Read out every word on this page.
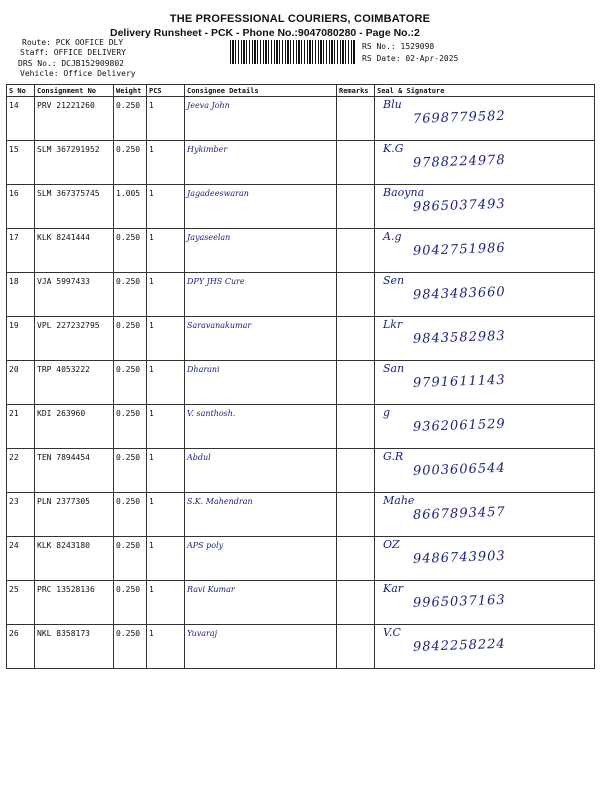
THE PROFESSIONAL COURIERS, COIMBATORE
Delivery Runsheet - PCK - Phone No.:9047080280 - Page No.:2
Route: PCK OOFICE DLY
Staff: OFFICE DELIVERY
DRS No.: DCJB152909802
Vehicle: Office Delivery
RS No.: 1529098
RS Date: 02-Apr-2025
S No	Consignment No	Weight	PCS	Consignee Details	Remarks	Seal & Signature
14	PRV 21221260	0.250	1	Jeeva John		Blu
7698779582

15	SLM 367291952	0.250	1	Hykimber		K.G
9788224978

16	SLM 367375745	1.005	1	Jagadeeswaran		Baoyna
9865037493

17	KLK 8241444	0.250	1	Jayaseelan		A.g
9042751986

18	VJA 5997433	0.250	1	DPY JHS Cure		Sen
9843483660

19	VPL 227232795	0.250	1	Saravanakumar		Lkr
9843582983

20	TRP 4053222	0.250	1	Dharani		San
9791611143

21	KDI 263960	0.250	1	V. santhosh.		g
9362061529

22	TEN 7894454	0.250	1	Abdul		G.R
9003606544

23	PLN 2377305	0.250	1	S.K. Mahendran		Mahe
8667893457

24	KLK 8243180	0.250	1	APS poly		OZ
9486743903

25	PRC 13528136	0.250	1	Ravi Kumar		Kar
9965037163

26	NKL 8358173	0.250	1	Yuvaraj		V.C
9842258224
